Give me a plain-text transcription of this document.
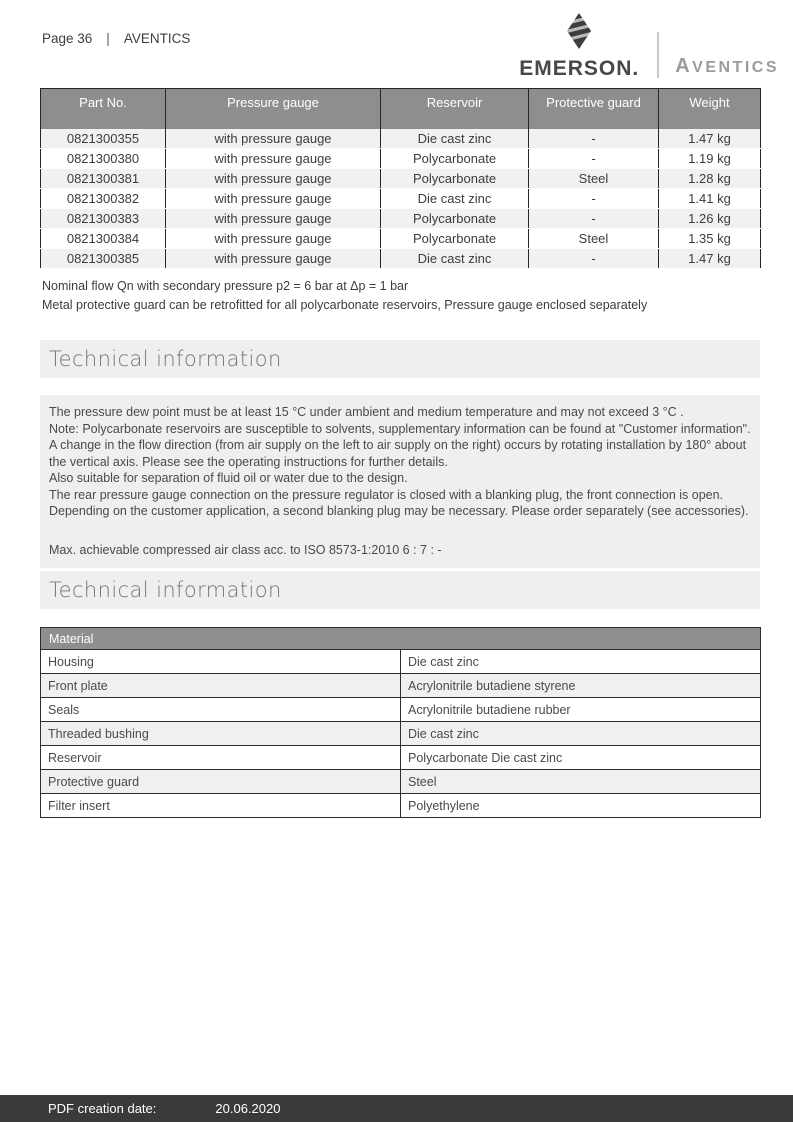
Page 36 | AVENTICS
EMERSON. AVENTICS
Part No.	Pressure gauge	Reservoir	Protective guard	Weight
0821300355	with pressure gauge	Die cast zinc	-	1.47 kg
0821300380	with pressure gauge	Polycarbonate	-	1.19 kg
0821300381	with pressure gauge	Polycarbonate	Steel	1.28 kg
0821300382	with pressure gauge	Die cast zinc	-	1.41 kg
0821300383	with pressure gauge	Polycarbonate	-	1.26 kg
0821300384	with pressure gauge	Polycarbonate	Steel	1.35 kg
0821300385	with pressure gauge	Die cast zinc	-	1.47 kg
Nominal flow Qn with secondary pressure p2 = 6 bar at Δp = 1 bar
Metal protective guard can be retrofitted for all polycarbonate reservoirs, Pressure gauge enclosed separately
Technical information
The pressure dew point must be at least 15 °C under ambient and medium temperature and may not exceed 3 °C .
Note: Polycarbonate reservoirs are susceptible to solvents, supplementary information can be found at "Customer information".
A change in the flow direction (from air supply on the left to air supply on the right) occurs by rotating installation by 180° about the vertical axis. Please see the operating instructions for further details.
Also suitable for separation of fluid oil or water due to the design.
The rear pressure gauge connection on the pressure regulator is closed with a blanking plug, the front connection is open. Depending on the customer application, a second blanking plug may be necessary. Please order separately (see accessories).
Max. achievable compressed air class acc. to ISO 8573-1:2010 6 : 7 : -
Technical information
Material	
Housing	Die cast zinc
Front plate	Acrylonitrile butadiene styrene
Seals	Acrylonitrile butadiene rubber
Threaded bushing	Die cast zinc
Reservoir	Polycarbonate Die cast zinc
Protective guard	Steel
Filter insert	Polyethylene
PDF creation date:	20.06.2020
